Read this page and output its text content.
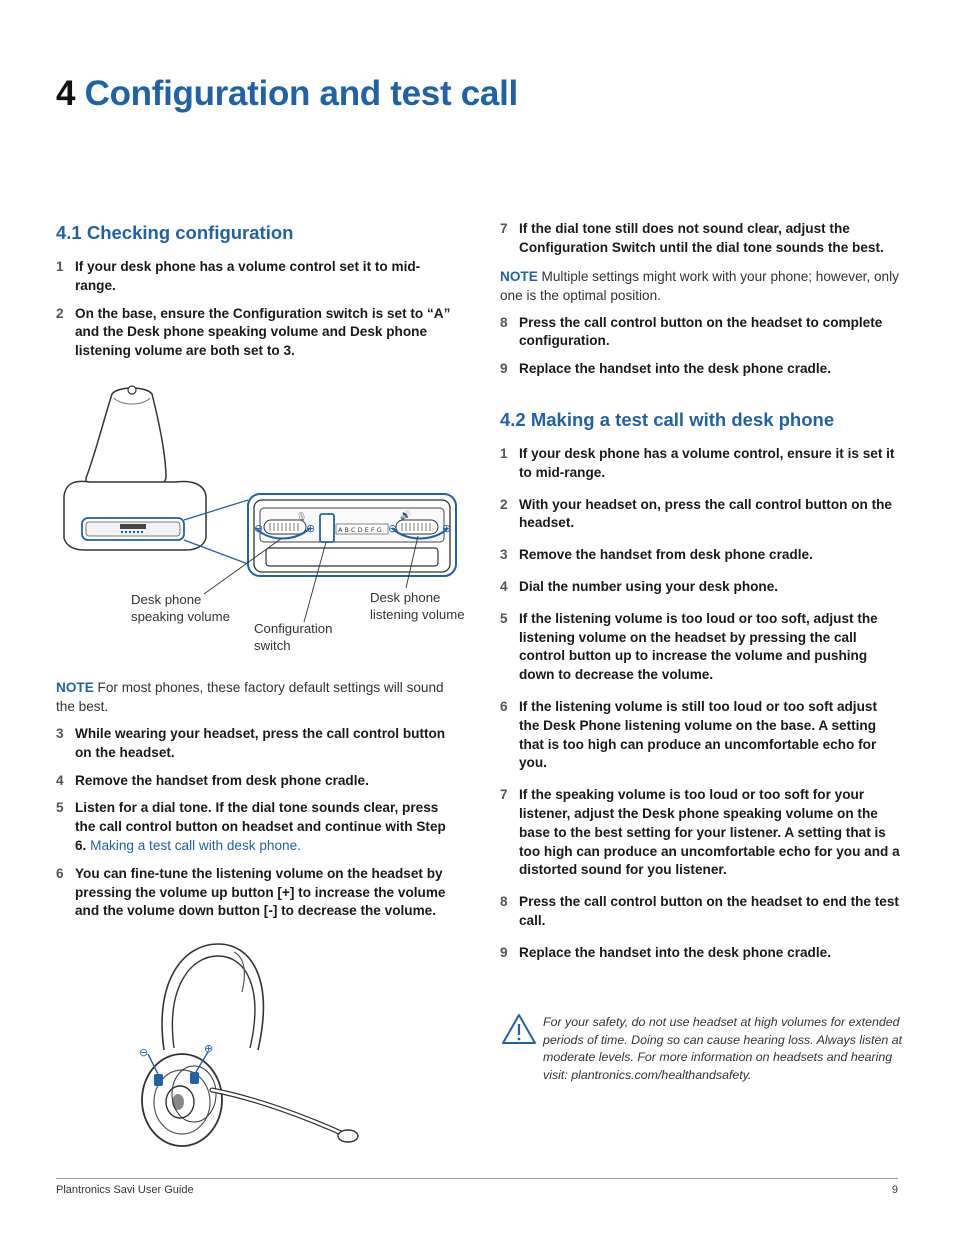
4 Configuration and test call
4.1 Checking configuration
1 If your desk phone has a volume control set it to mid-range.
2 On the base, ensure the Configuration switch is set to “A” and the Desk phone speaking volume and Desk phone listening volume are both set to 3.
⊖	⊕	⊖	⊕
A B C D E F G
🎙	🔊
Desk phone speaking volume
Configuration switch
Desk phone listening volume
NOTE For most phones, these factory default settings will sound the best.
3 While wearing your headset, press the call control button on the headset.
4 Remove the handset from desk phone cradle.
5 Listen for a dial tone. If the dial tone sounds clear, press the call control button on headset and continue with Step 6. Making a test call with desk phone.
6 You can fine-tune the listening volume on the headset by pressing the volume up button [+] to increase the volume and the volume down button [-] to decrease the volume.
⊖	⊕
7 If the dial tone still does not sound clear, adjust the Configuration Switch until the dial tone sounds the best.
NOTE Multiple settings might work with your phone; however, only one is the optimal position.
8 Press the call control button on the headset to complete configuration.
9 Replace the handset into the desk phone cradle.
4.2 Making a test call with desk phone
1 If your desk phone has a volume control, ensure it is set it to mid-range.
2 With your headset on, press the call control button on the headset.
3 Remove the handset from desk phone cradle.
4 Dial the number using your desk phone.
5 If the listening volume is too loud or too soft, adjust the listening volume on the headset by pressing the call control button up to increase the volume and pushing down to decrease the volume.
6 If the listening volume is still too loud or too soft adjust the Desk Phone listening volume on the base. A setting that is too high can produce an uncomfortable echo for you.
7 If the speaking volume is too loud or too soft for your listener, adjust the Desk phone speaking volume on the base to the best setting for your listener. A setting that is too high can produce an uncomfortable echo for you and a distorted sound for you listener.
8 Press the call control button on the headset to end the test call.
9 Replace the handset into the desk phone cradle.
For your safety, do not use headset at high volumes for extended periods of time. Doing so can cause hearing loss. Always listen at moderate levels. For more information on headsets and hearing visit: plantronics.com/healthandsafety.
Plantronics Savi User Guide	9
